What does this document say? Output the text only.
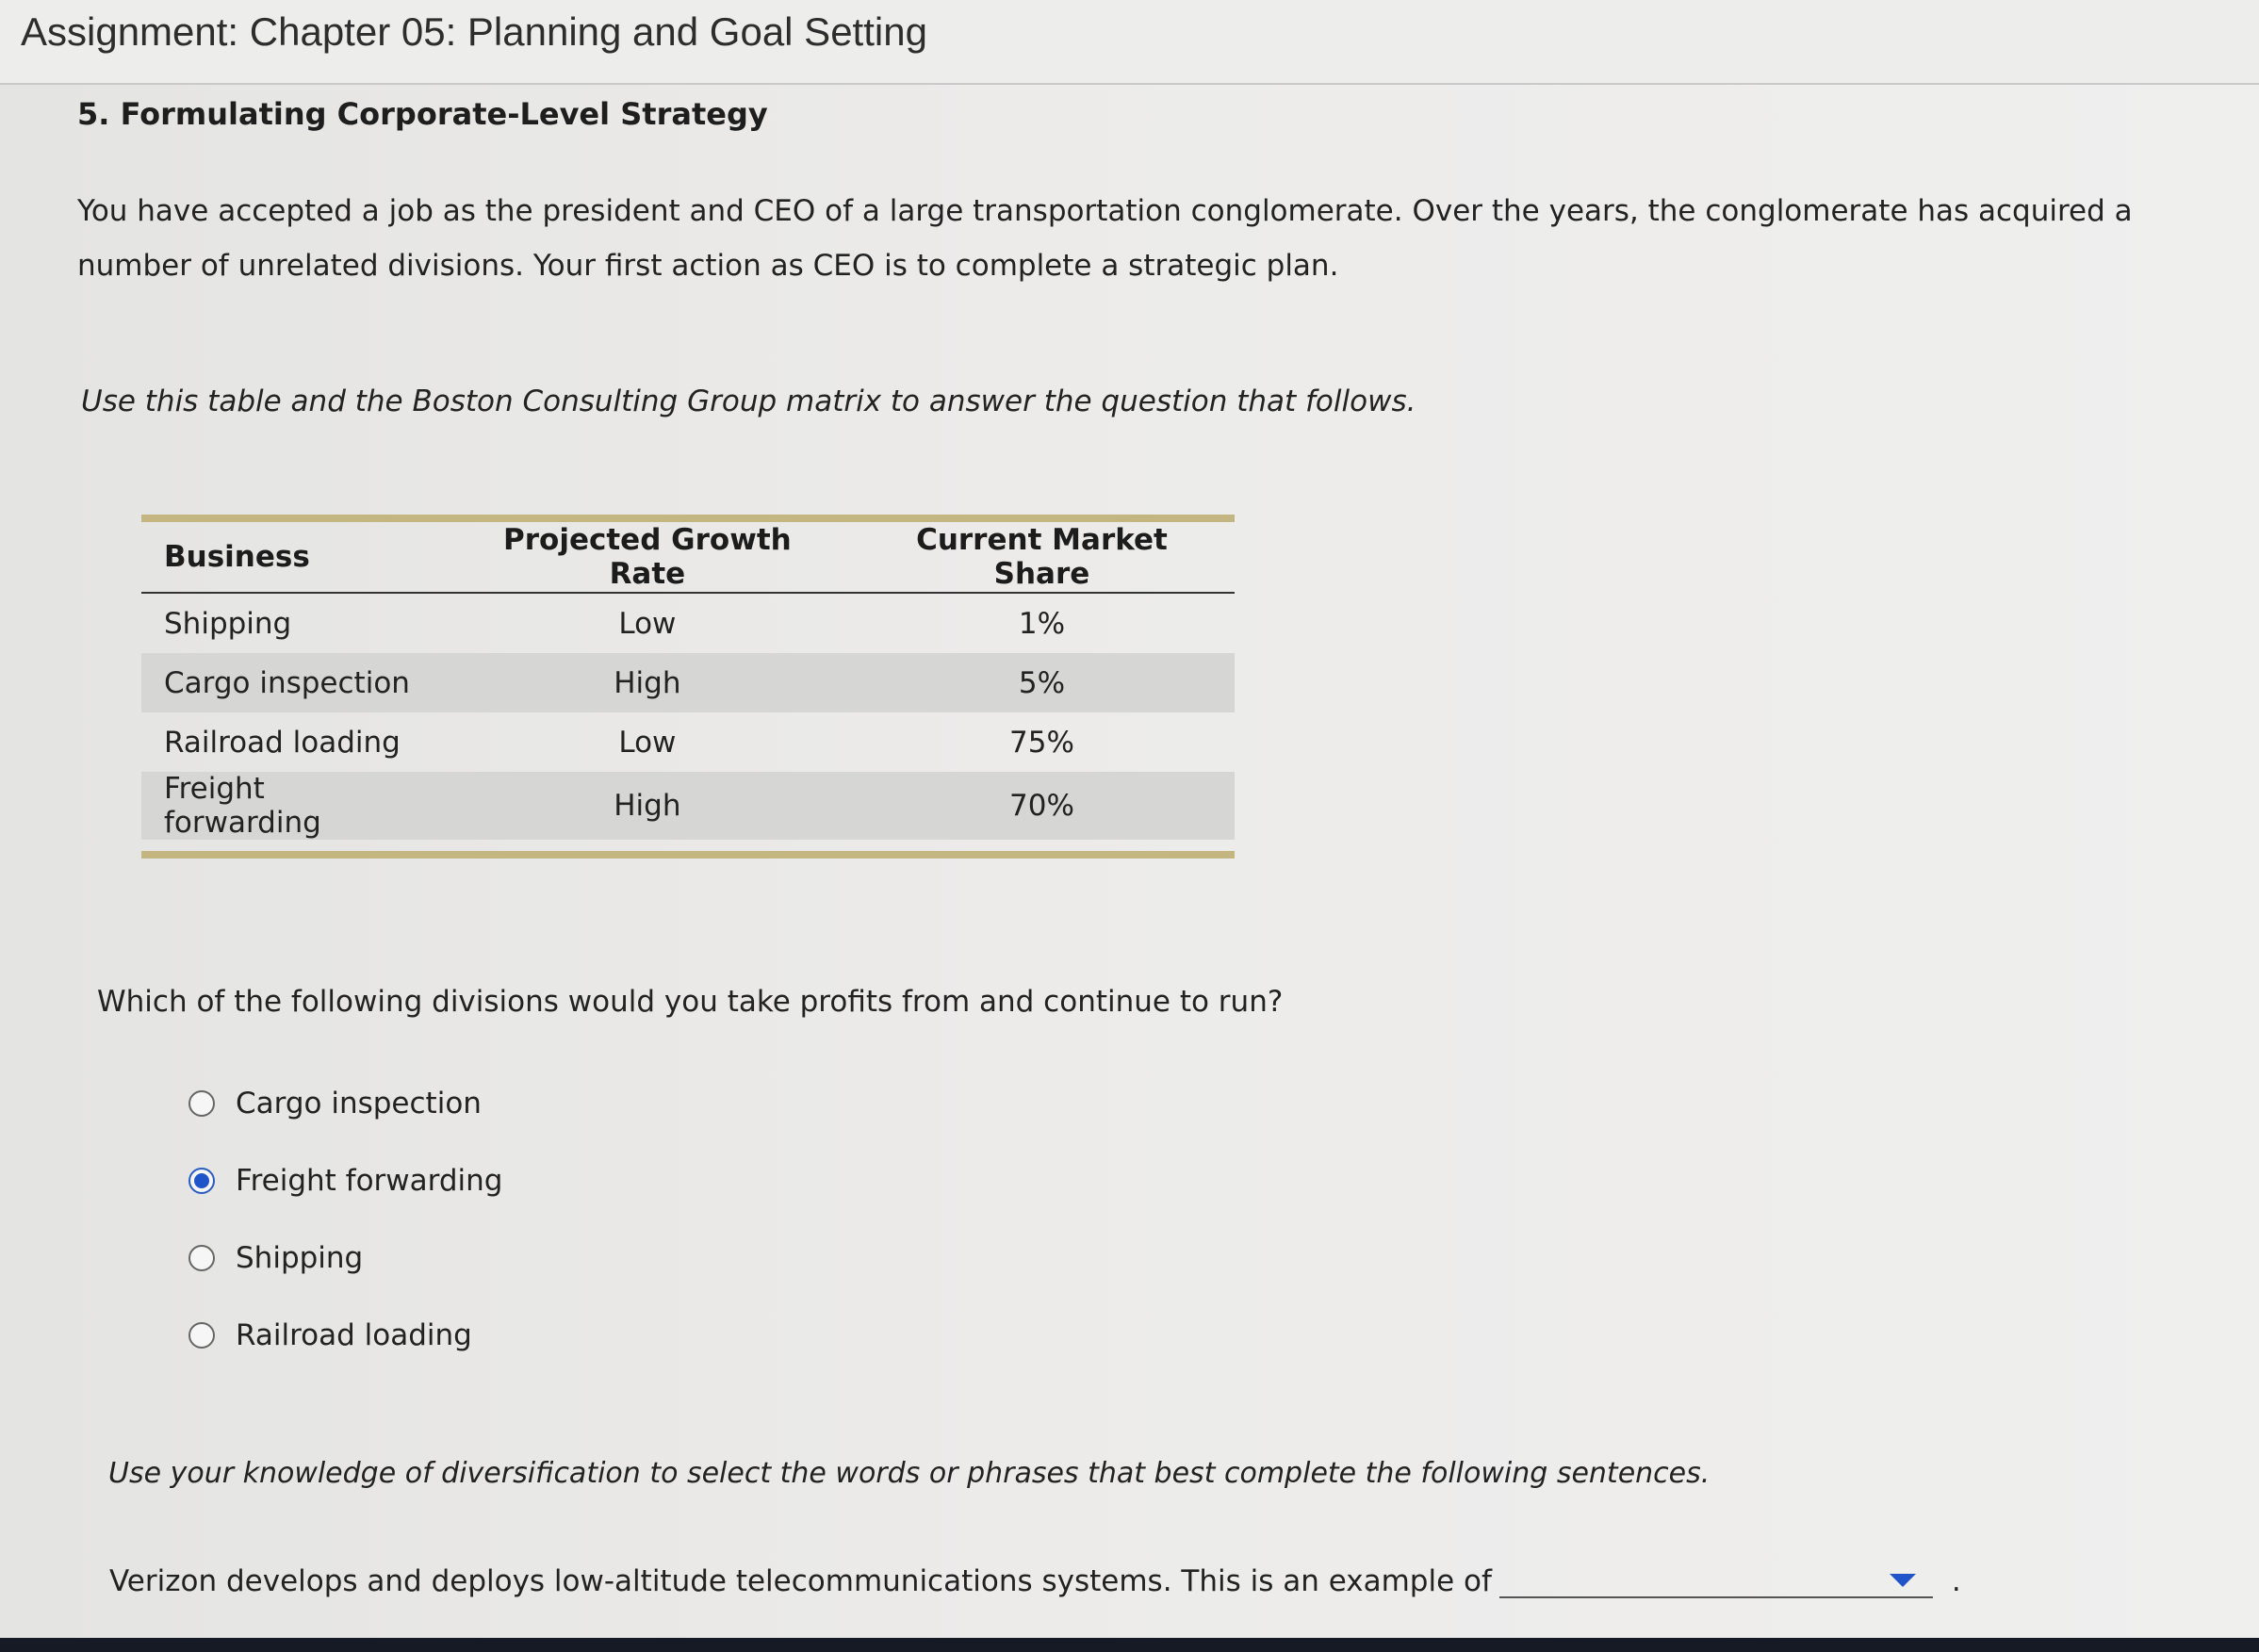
Assignment: Chapter 05: Planning and Goal Setting
5. Formulating Corporate-Level Strategy
You have accepted a job as the president and CEO of a large transportation conglomerate. Over the years, the conglomerate has acquired a number of unrelated divisions. Your first action as CEO is to complete a strategic plan.
Use this table and the Boston Consulting Group matrix to answer the question that follows.
Business	Projected Growth Rate	Current Market Share
Shipping	Low	1%
Cargo inspection	High	5%
Railroad loading	Low	75%
Freight forwarding	High	70%
Which of the following divisions would you take profits from and continue to run?
Cargo inspection
Freight forwarding
Shipping
Railroad loading
Use your knowledge of diversification to select the words or phrases that best complete the following sentences.
Verizon develops and deploys low-altitude telecommunications systems. This is an example of	.
